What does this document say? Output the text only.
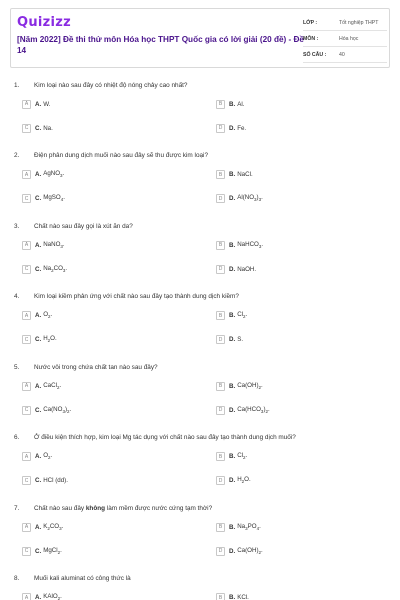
Quizizz
[Năm 2022] Đề thi thử môn Hóa học THPT Quốc gia có lời giải (20 đề) - Đề 14
LỚP :	Tốt nghiệp THPT
MÔN :	Hóa học
SỐ CÂU :	40
1.	Kim loại nào sau đây có nhiệt độ nóng chảy cao nhất?
A	A. W.	B	B. Al.
C	C. Na.	D	D. Fe.
2.	Điện phân dung dịch muối nào sau đây sẽ thu được kim loại?
A	A. AgNO$_3$.	B	B. NaCl.
C	C. MgSO$_4$.	D	D. $Al(NO_3)_3$.
3.	Chất nào sau đây gọi là xút ăn da?
A	A. NaNO$_3$.	B	B. NaHCO$_3$.
C	C. $Na_2CO_3$.	D	D. NaOH.
4.	Kim loại kiềm phản ứng với chất nào sau đây tạo thành dung dịch kiềm?
A	A. $O_2$.	B	B. $Cl_2$.
C	C. $H_2O$.	D	D. S.
5.	Nước vôi trong chứa chất tan nào sau đây?
A	A. CaCl$_2$.	B	B. $Ca(OH)_2$.
C	C. $Ca(NO_3)_2$.	D	D. $Ca(HCO_3)_2$.
6.	Ở điều kiện thích hợp, kim loại Mg tác dụng với chất nào sau đây tạo thành dung dịch muối?
A	A. $O_2$.	B	B. $Cl_2$.
C	C. HCl (dd).	D	D. $H_2O$.
7.	Chất nào sau đây không làm mềm được nước cứng tạm thời?
A	A. $K_2CO_3$.	B	B. $Na_3PO_4$.
C	C. MgCl$_2$.	D	D. $Ca(OH)_2$.
8.	Muối kali aluminat có công thức là
A	A. KAlO$_2$.	B	B. KCl.
